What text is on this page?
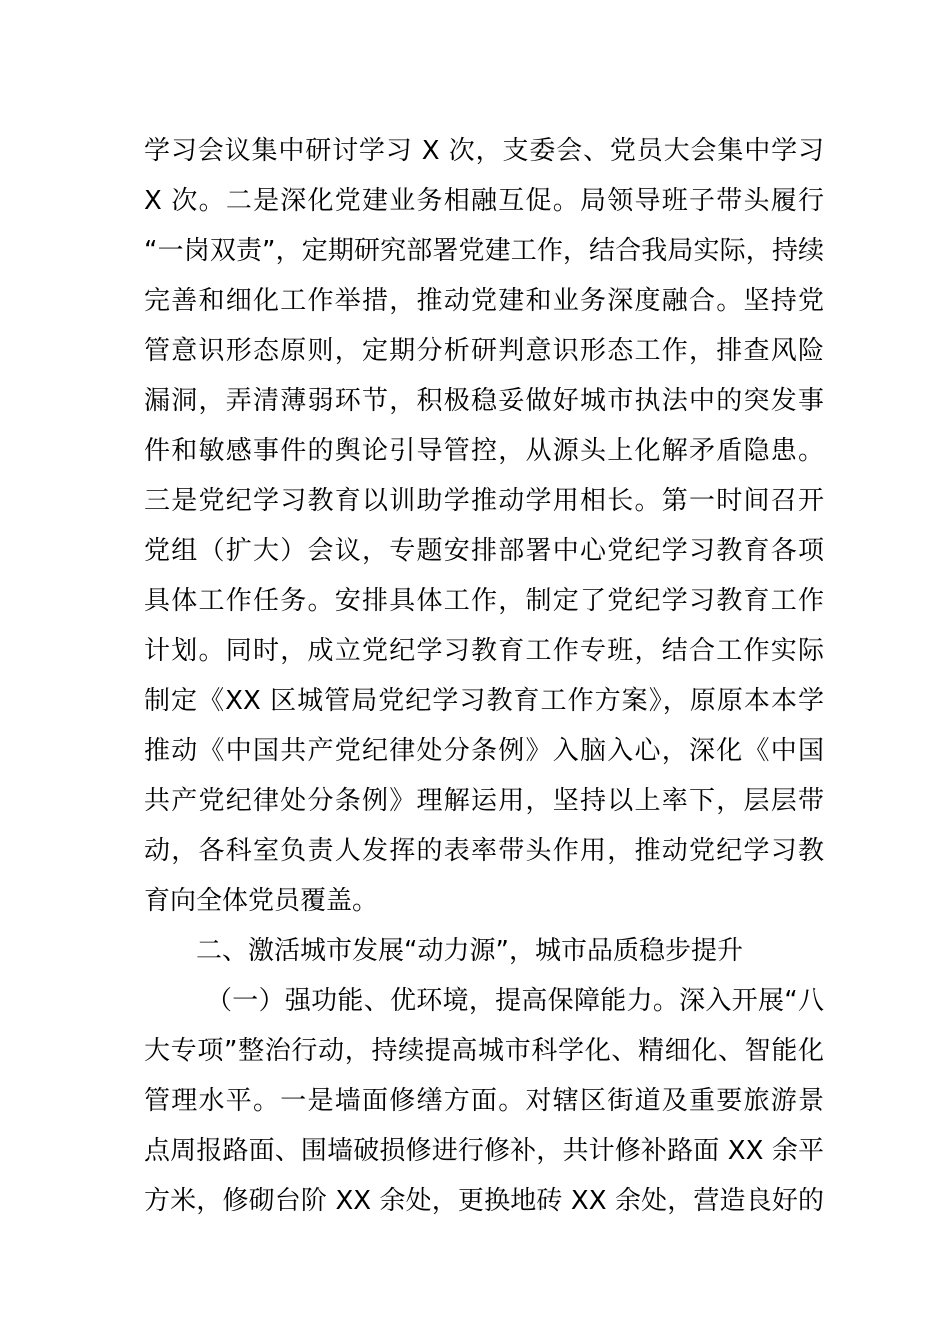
学习会议集中研讨学习 X 次，支委会、党员大会集中学习
X 次。二是深化党建业务相融互促。局领导班子带头履行
“一岗双责”，定期研究部署党建工作，结合我局实际，持续
完善和细化工作举措，推动党建和业务深度融合。坚持党
管意识形态原则，定期分析研判意识形态工作，排查风险
漏洞，弄清薄弱环节，积极稳妥做好城市执法中的突发事
件和敏感事件的舆论引导管控，从源头上化解矛盾隐患。
三是党纪学习教育以训助学推动学用相长。第一时间召开
党组（扩大）会议，专题安排部署中心党纪学习教育各项
具体工作任务。安排具体工作，制定了党纪学习教育工作
计划。同时，成立党纪学习教育工作专班，结合工作实际
制定《XX 区城管局党纪学习教育工作方案》，原原本本学
推动《中国共产党纪律处分条例》入脑入心，深化《中国
共产党纪律处分条例》理解运用，坚持以上率下，层层带
动，各科室负责人发挥的表率带头作用，推动党纪学习教
育向全体党员覆盖。
二、激活城市发展“动力源”，城市品质稳步提升
（一）强功能、优环境，提高保障能力。深入开展“八
大专项”整治行动，持续提高城市科学化、精细化、智能化
管理水平。一是墙面修缮方面。对辖区街道及重要旅游景
点周报路面、围墙破损修进行修补，共计修补路面 XX 余平
方米，修砌台阶 XX 余处，更换地砖 XX 余处，营造良好的
